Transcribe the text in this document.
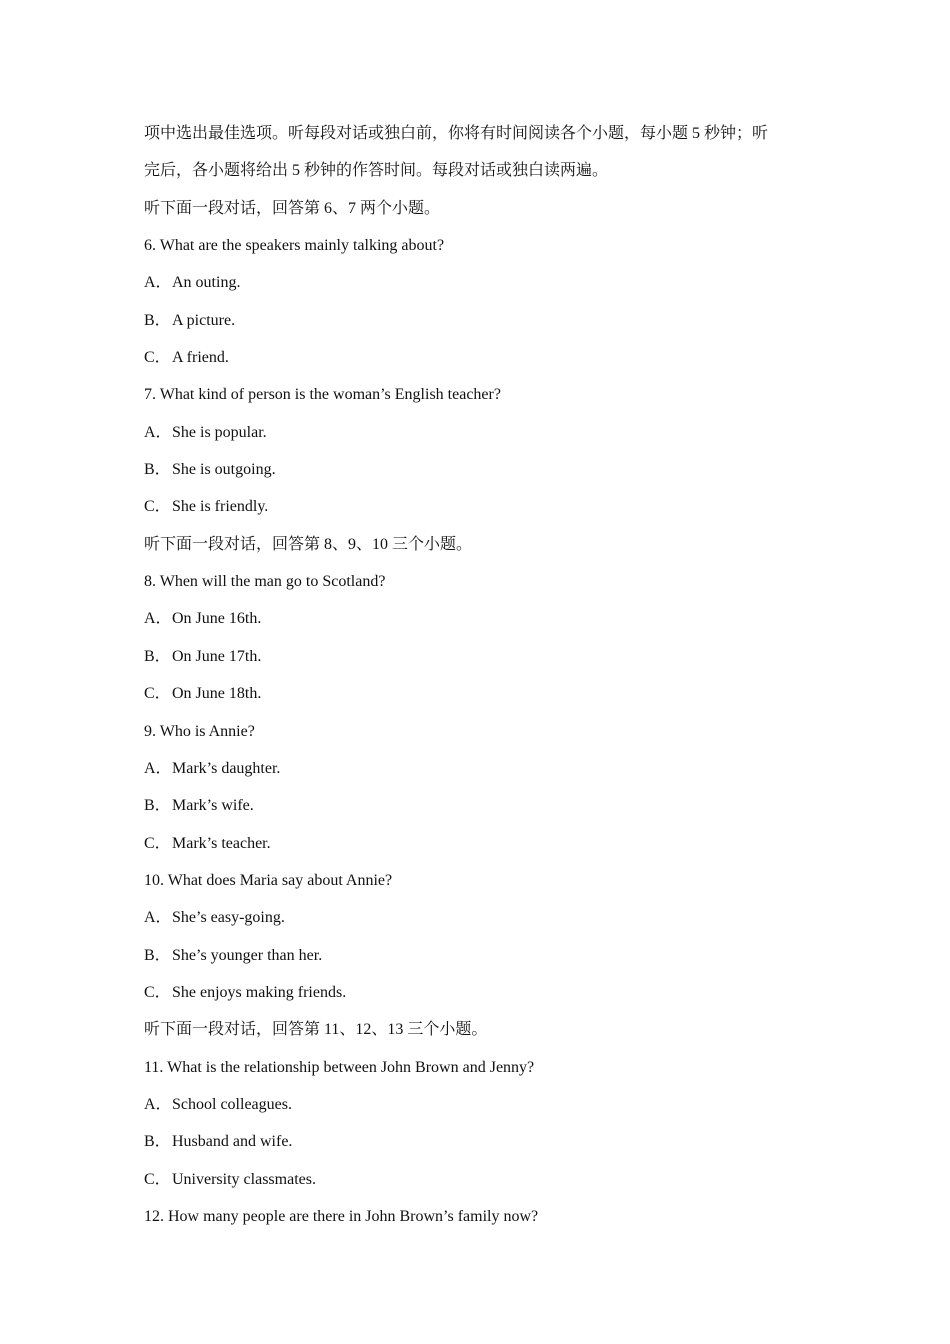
项中选出最佳选项。听每段对话或独白前，你将有时间阅读各个小题，每小题 5 秒钟；听
完后，各小题将给出 5 秒钟的作答时间。每段对话或独白读两遍。
听下面一段对话，回答第 6、7 两个小题。
6. What are the speakers mainly talking about?
A．An outing.
B．A picture.
C．A friend.
7. What kind of person is the woman’s English teacher?
A．She is popular.
B．She is outgoing.
C．She is friendly.
听下面一段对话，回答第 8、9、10 三个小题。
8. When will the man go to Scotland?
A．On June 16th.
B．On June 17th.
C．On June 18th.
9. Who is Annie?
A．Mark’s daughter.
B．Mark’s wife.
C．Mark’s teacher.
10. What does Maria say about Annie?
A．She’s easy-going.
B．She’s younger than her.
C．She enjoys making friends.
听下面一段对话，回答第 11、12、13 三个小题。
11. What is the relationship between John Brown and Jenny?
A．School colleagues.
B．Husband and wife.
C．University classmates.
12. How many people are there in John Brown’s family now?
